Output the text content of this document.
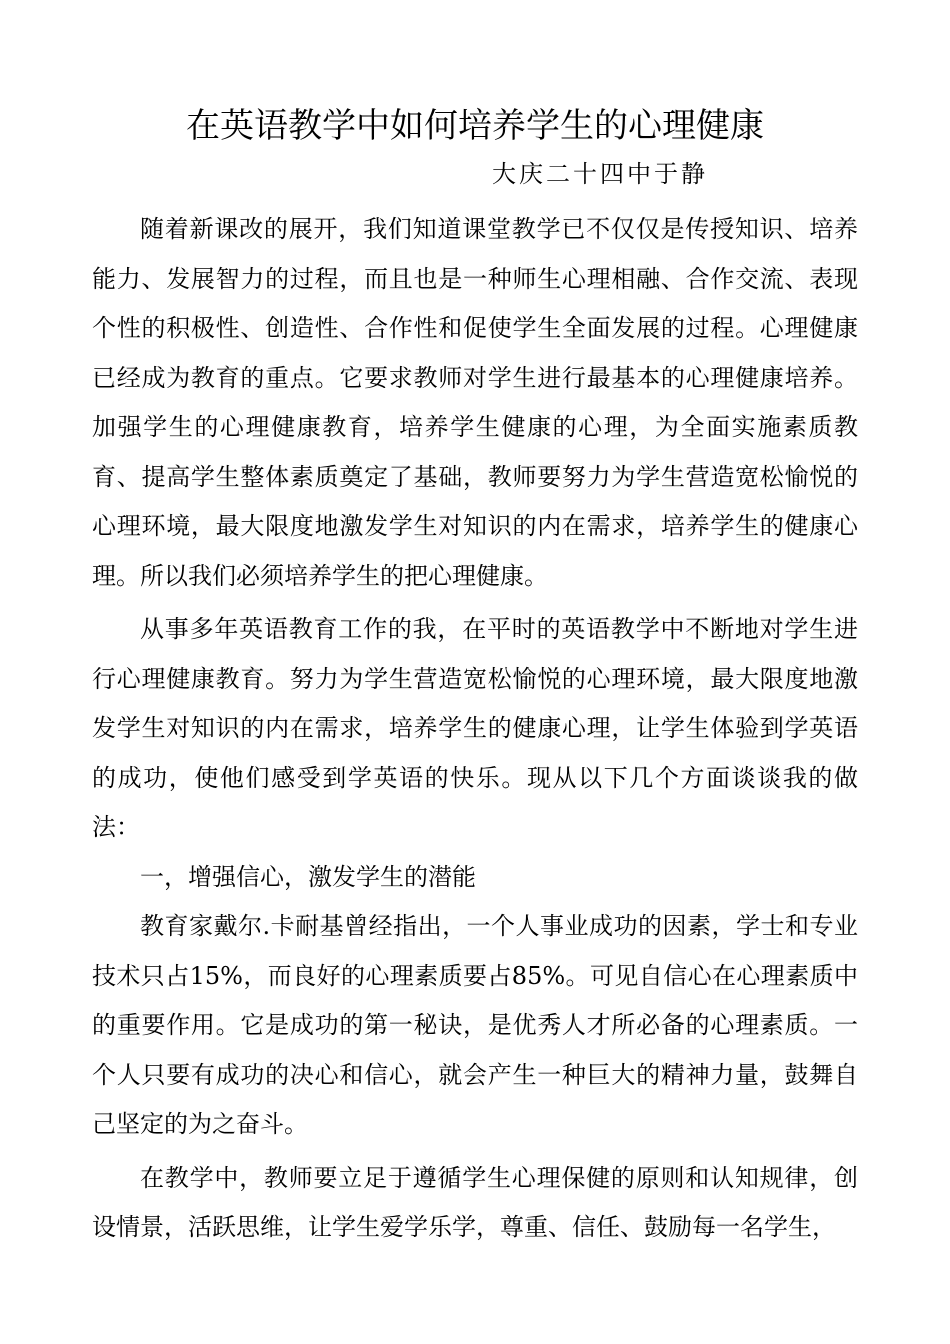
在英语教学中如何培养学生的心理健康

大庆二十四中于静

随着新课改的展开，我们知道课堂教学已不仅仅是传授知识、培养能力、发展智力的过程，而且也是一种师生心理相融、合作交流、表现个性的积极性、创造性、合作性和促使学生全面发展的过程。心理健康已经成为教育的重点。它要求教师对学生进行最基本的心理健康培养。加强学生的心理健康教育，培养学生健康的心理，为全面实施素质教育、提高学生整体素质奠定了基础，教师要努力为学生营造宽松愉悦的心理环境，最大限度地激发学生对知识的内在需求，培养学生的健康心理。所以我们必须培养学生的把心理健康。

从事多年英语教育工作的我，在平时的英语教学中不断地对学生进行心理健康教育。努力为学生营造宽松愉悦的心理环境，最大限度地激发学生对知识的内在需求，培养学生的健康心理，让学生体验到学英语的成功，使他们感受到学英语的快乐。现从以下几个方面谈谈我的做法：

一，增强信心，激发学生的潜能

教育家戴尔.卡耐基曾经指出，一个人事业成功的因素，学士和专业技术只占15%，而良好的心理素质要占85%。可见自信心在心理素质中的重要作用。它是成功的第一秘诀，是优秀人才所必备的心理素质。一个人只要有成功的决心和信心，就会产生一种巨大的精神力量，鼓舞自己坚定的为之奋斗。

在教学中，教师要立足于遵循学生心理保健的原则和认知规律，创设情景，活跃思维，让学生爱学乐学，尊重、信任、鼓励每一名学生，
